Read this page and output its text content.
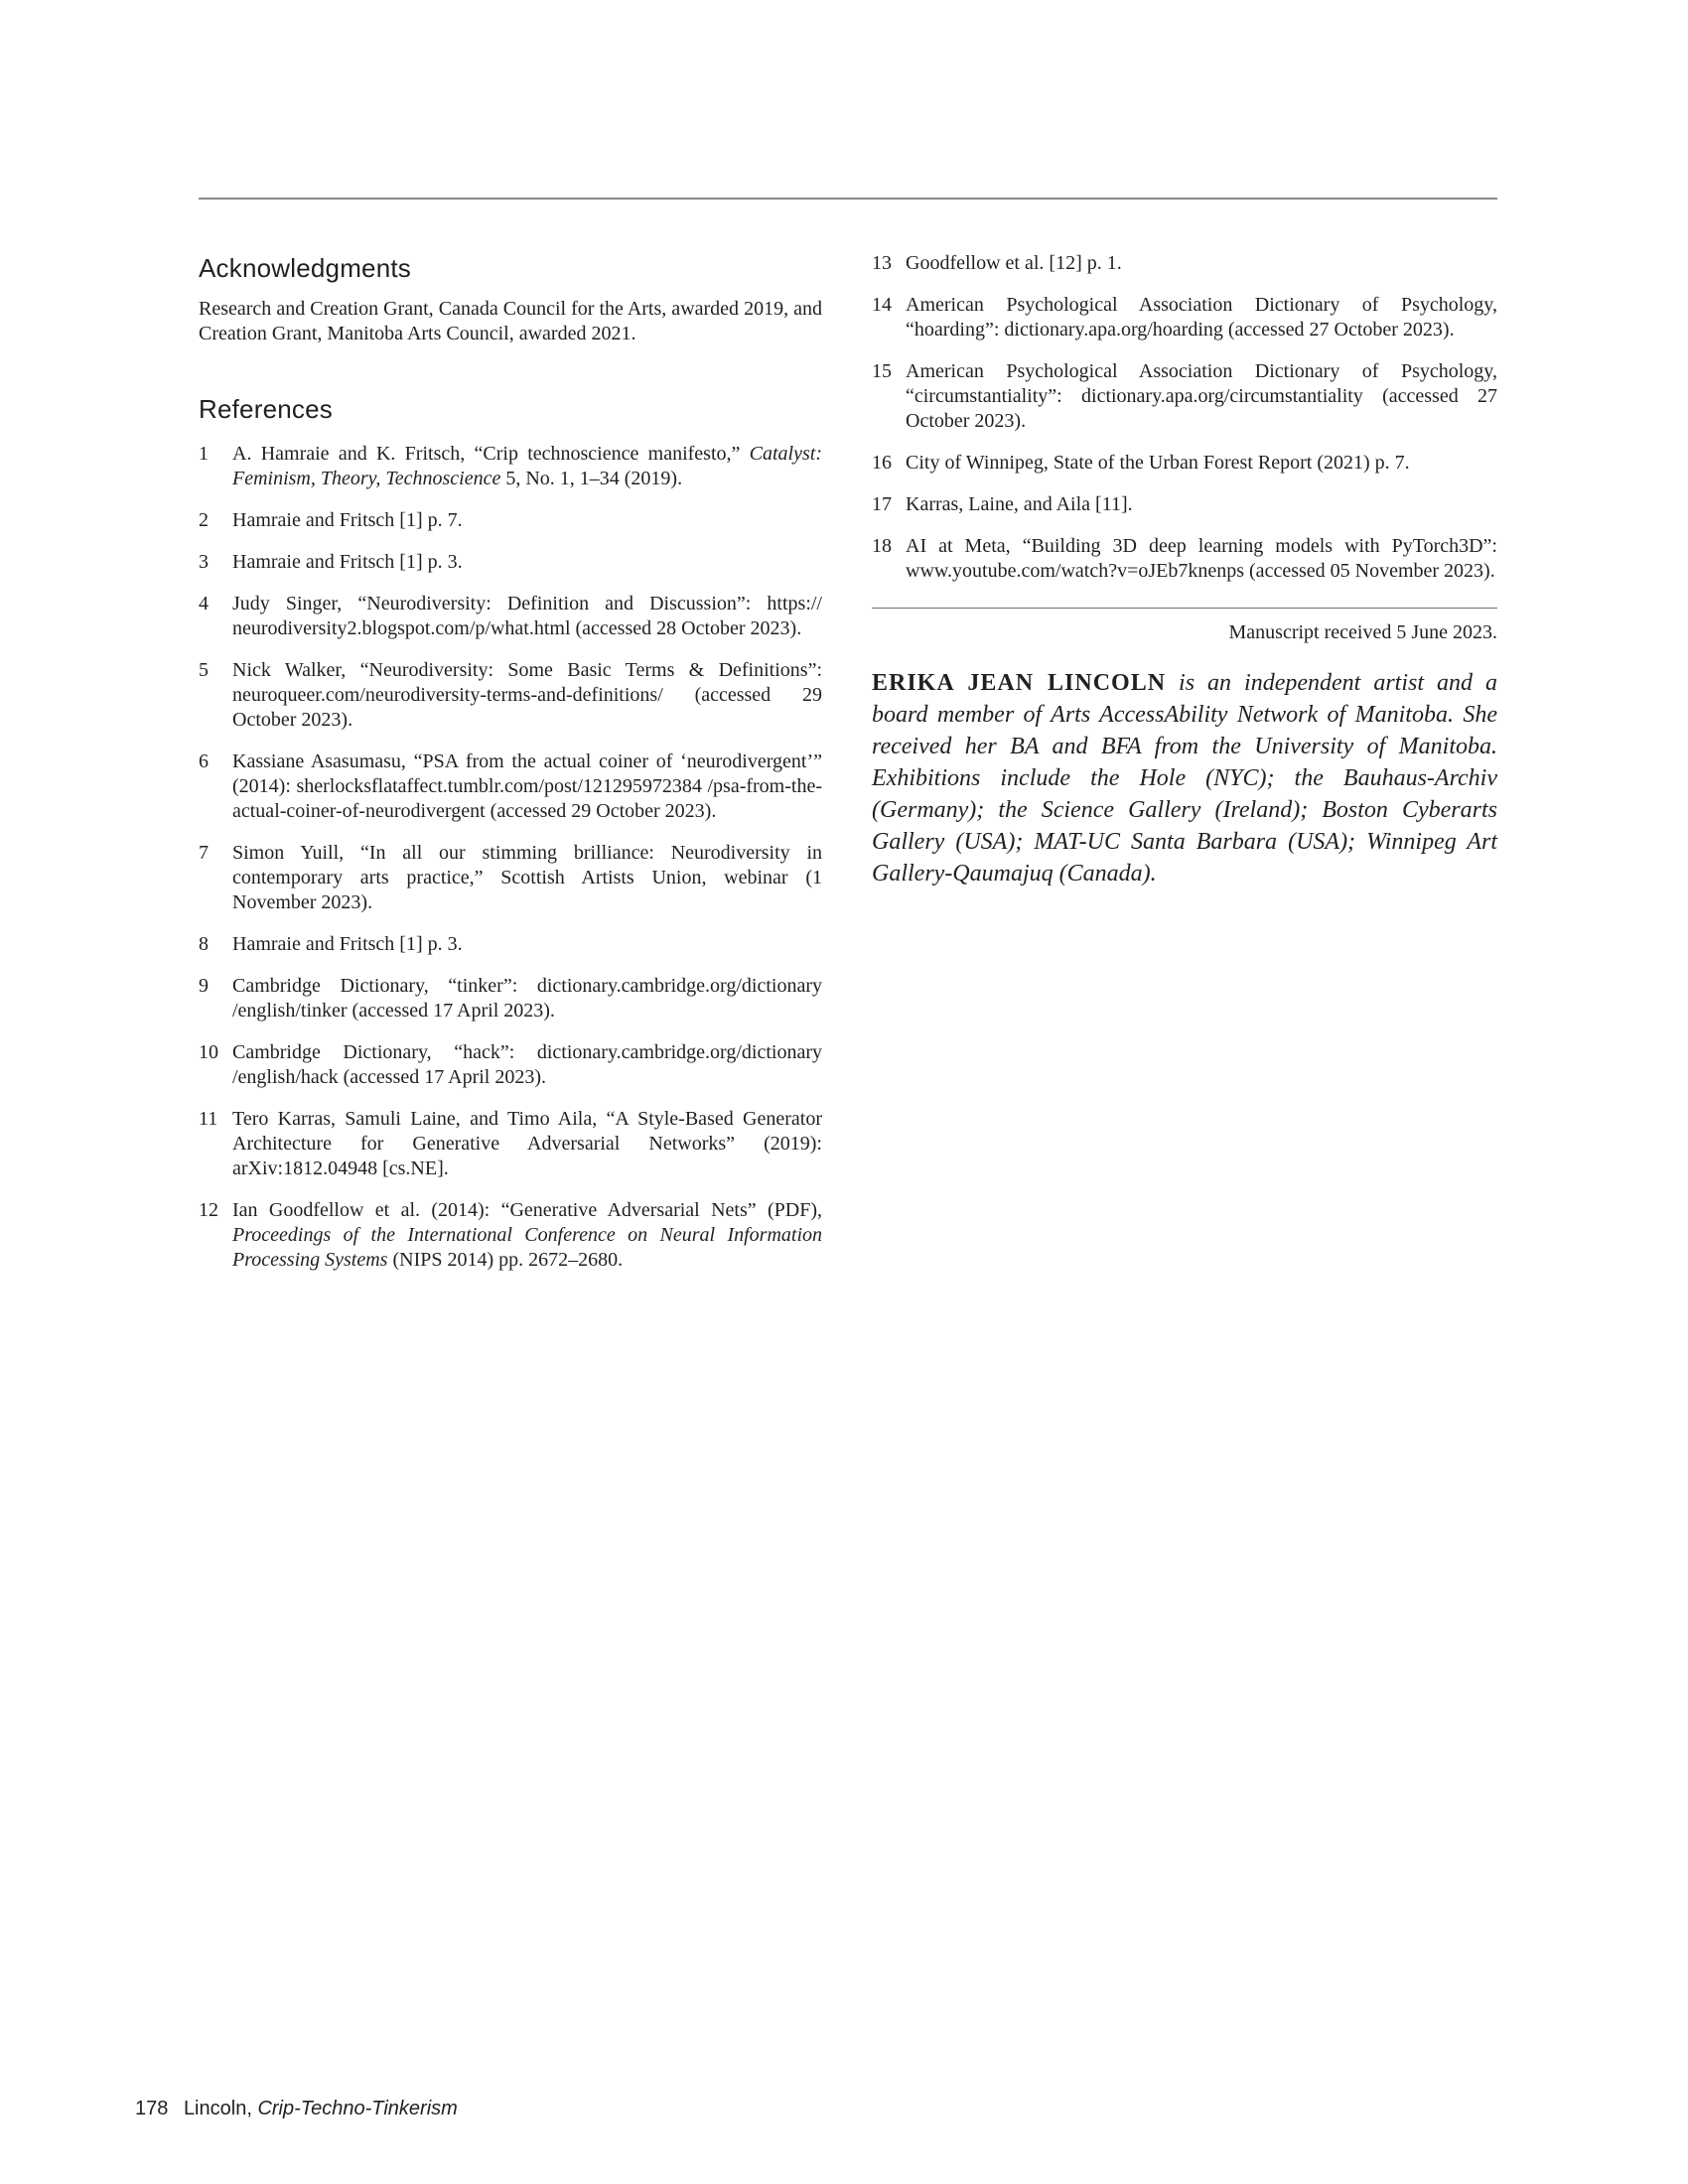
Acknowledgments

Research and Creation Grant, Canada Council for the Arts, awarded 2019, and Creation Grant, Manitoba Arts Council, awarded 2021.

References
1	A. Hamraie and K. Fritsch, “Crip technoscience manifesto,” Catalyst: Feminism, Theory, Technoscience 5, No. 1, 1–34 (2019).
2	Hamraie and Fritsch [1] p. 7.
3	Hamraie and Fritsch [1] p. 3.
4	Judy Singer, “Neurodiversity: Definition and Discussion”: https:// neurodiversity2.blogspot.com/p/what.html (accessed 28 October 2023).
5	Nick Walker, “Neurodiversity: Some Basic Terms & Definitions”: neuroqueer.com/neurodiversity-terms-and-definitions/ (accessed 29 October 2023).
6	Kassiane Asasumasu, “PSA from the actual coiner of ‘neurodivergent’” (2014): sherlocksflataffect.tumblr.com/post/121295972384 /psa-from-the-actual-coiner-of-neurodivergent (accessed 29 October 2023).
7	Simon Yuill, “In all our stimming brilliance: Neurodiversity in contemporary arts practice,” Scottish Artists Union, webinar (1 November 2023).
8	Hamraie and Fritsch [1] p. 3.
9	Cambridge Dictionary, “tinker”: dictionary.cambridge.org/dictionary /english/tinker (accessed 17 April 2023).
10 Cambridge Dictionary, “hack”: dictionary.cambridge.org/dictionary /english/hack (accessed 17 April 2023).
11 Tero Karras, Samuli Laine, and Timo Aila, “A Style-Based Generator Architecture for Generative Adversarial Networks” (2019): arXiv:1812.04948 [cs.NE].
12 Ian Goodfellow et al. (2014): “Generative Adversarial Nets” (PDF), Proceedings of the International Conference on Neural Information Processing Systems (NIPS 2014) pp. 2672–2680.
13 Goodfellow et al. [12] p. 1.
14 American Psychological Association Dictionary of Psychology, “hoarding”: dictionary.apa.org/hoarding (accessed 27 October 2023).
15 American Psychological Association Dictionary of Psychology, “circumstantiality”: dictionary.apa.org/circumstantiality (accessed 27 October 2023).
16 City of Winnipeg, State of the Urban Forest Report (2021) p. 7.
17 Karras, Laine, and Aila [11].
18 AI at Meta, “Building 3D deep learning models with PyTorch3D”: www.youtube.com/watch?v=oJEb7knenps (accessed 05 November 2023).
Manuscript received 5 June 2023.

ERIKA JEAN LINCOLN is an independent artist and a board member of Arts AccessAbility Network of Manitoba. She received her BA and BFA from the University of Manitoba. Exhibitions include the Hole (NYC); the Bauhaus-Archiv (Germany); the Science Gallery (Ireland); Boston Cyberarts Gallery (USA); MAT-UC Santa Barbara (USA); Winnipeg Art Gallery-Qaumajuq (Canada).

178 Lincoln, Crip-Techno-Tinkerism
